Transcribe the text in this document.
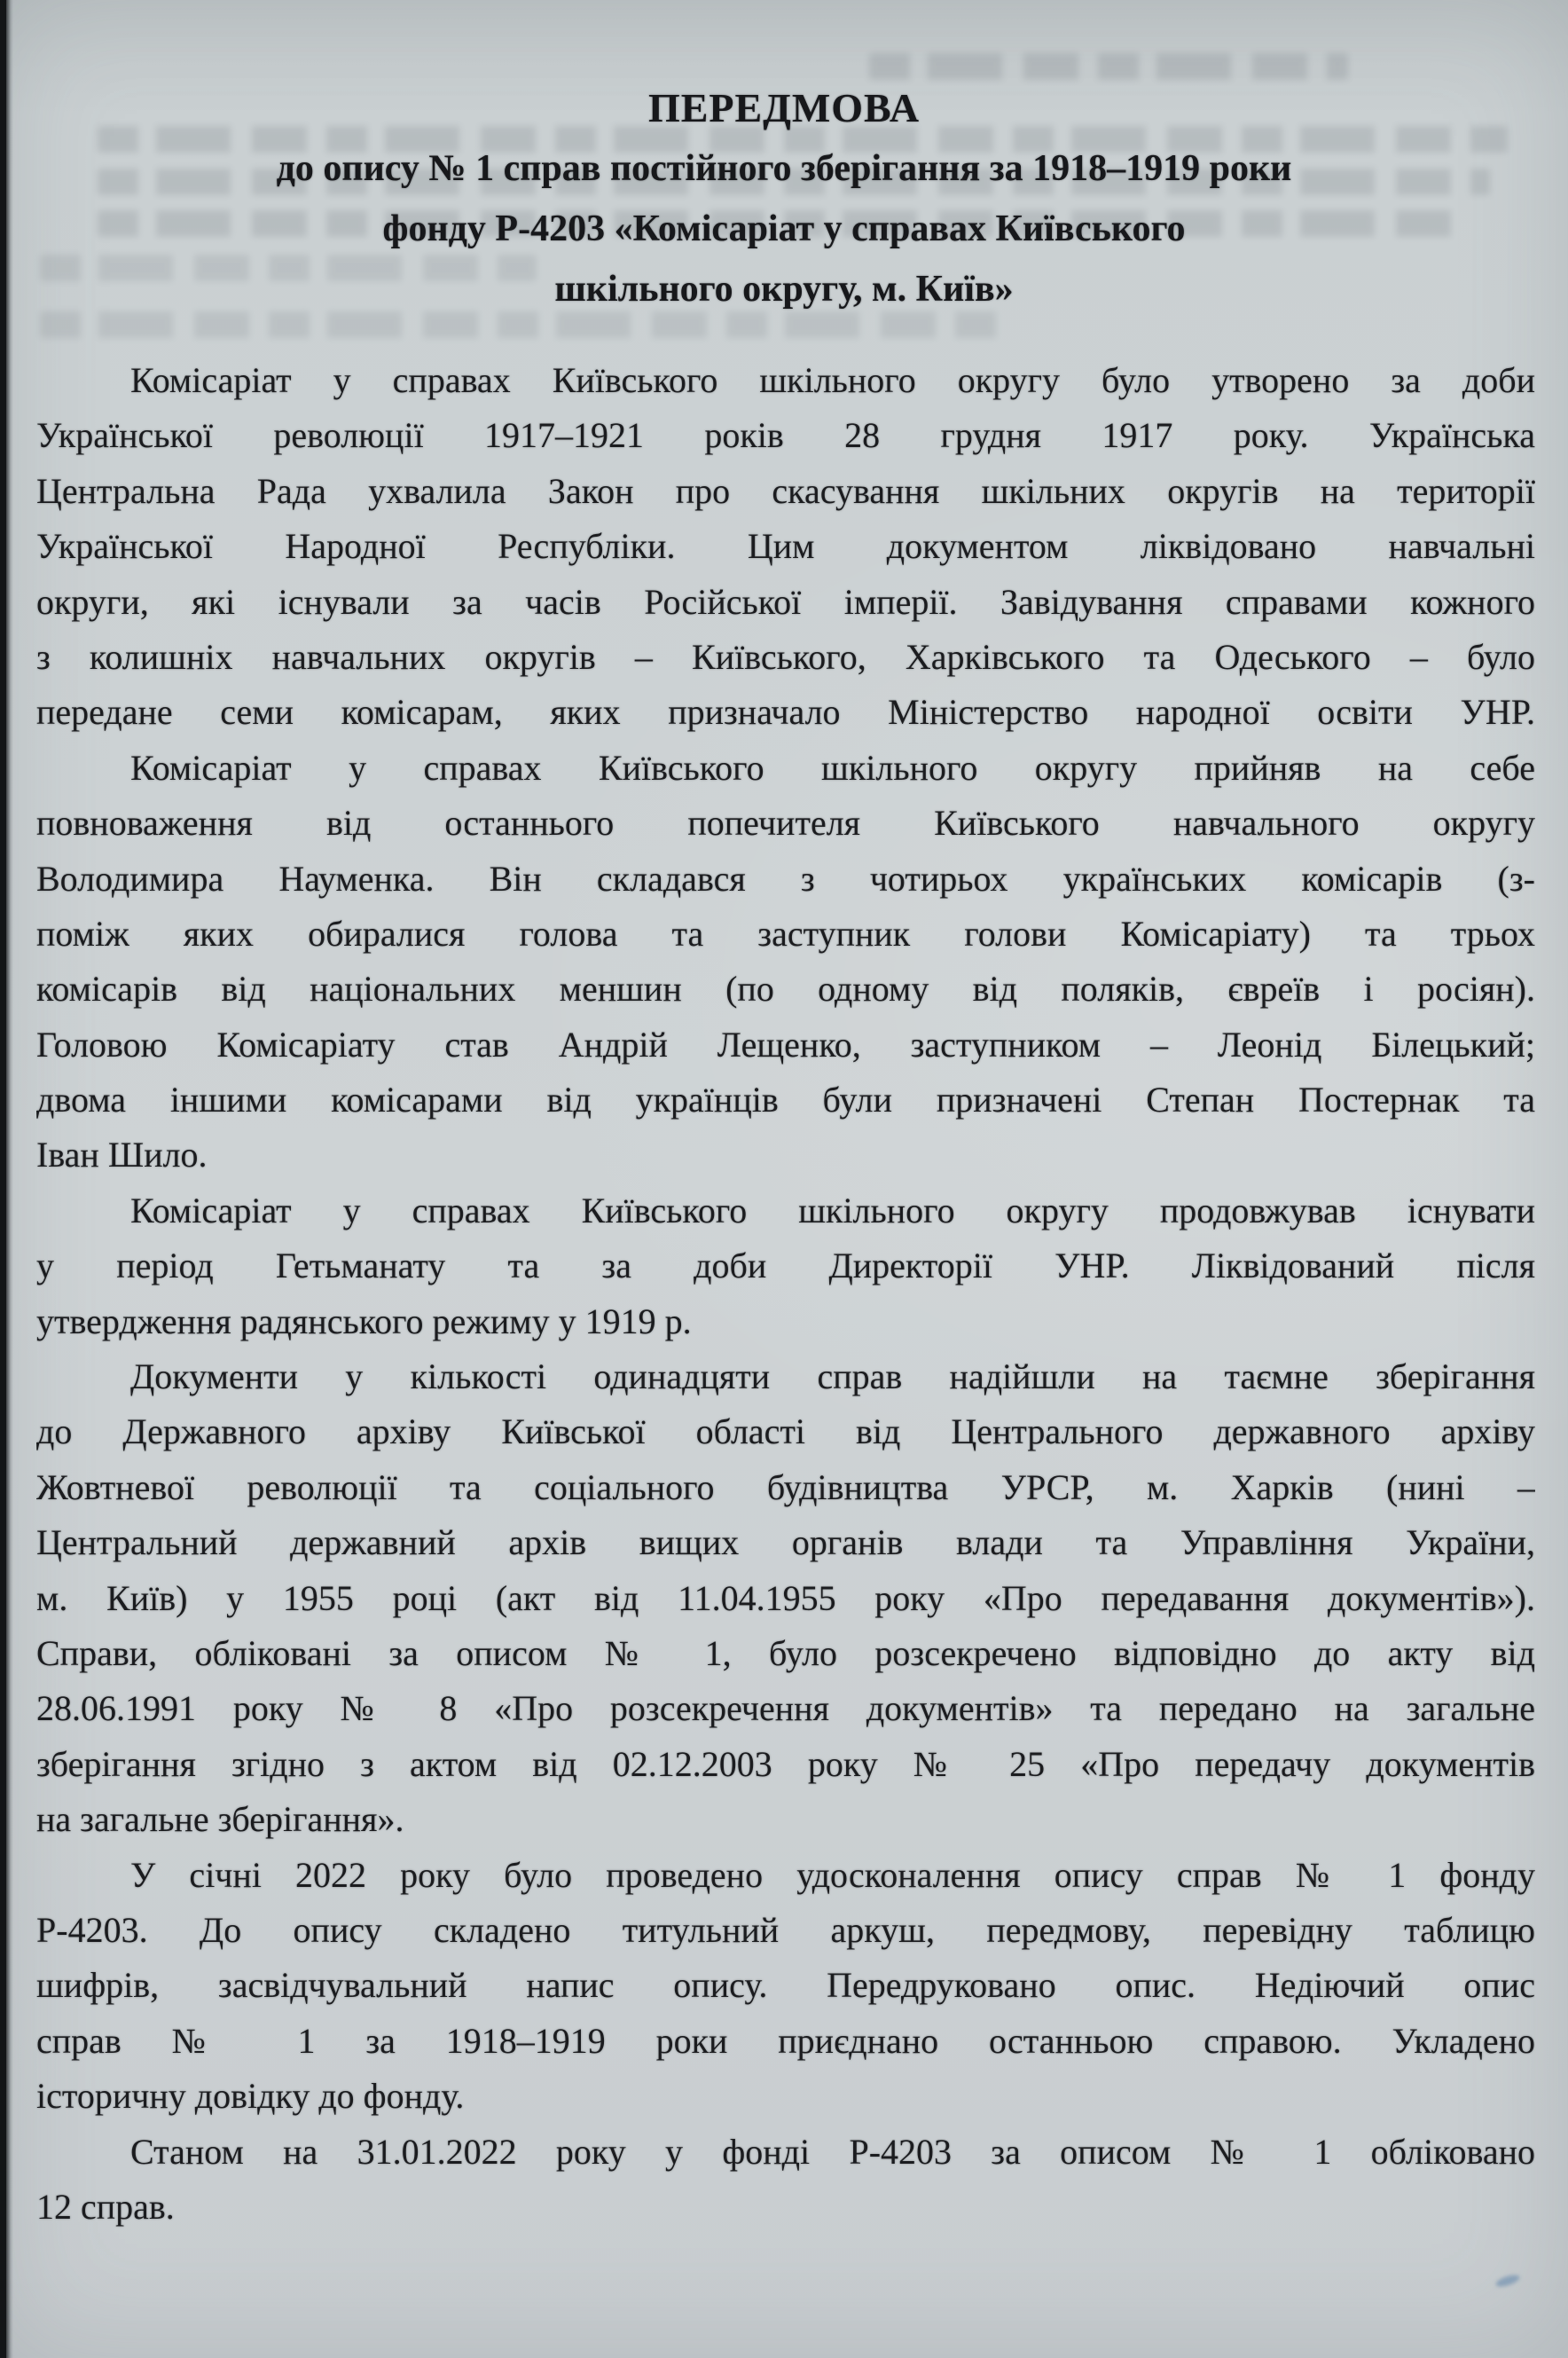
ПЕРЕДМОВА
до опису № 1 справ постійного зберігання за 1918–1919 роки
фонду Р-4203 «Комісаріат у справах Київського
шкільного округу, м. Київ»
Комісаріат у справах Київського шкільного округу було утворено за доби
Української революції 1917–1921 років 28 грудня 1917 року. Українська
Центральна Рада ухвалила Закон про скасування шкільних округів на території
Української Народної Республіки. Цим документом ліквідовано навчальні
округи, які існували за часів Російської імперії. Завідування справами кожного
з колишніх навчальних округів – Київського, Харківського та Одеського – було
передане семи комісарам, яких призначало Міністерство народної освіти УНР.
Комісаріат у справах Київського шкільного округу прийняв на себе
повноваження від останнього попечителя Київського навчального округу
Володимира Науменка. Він складався з чотирьох українських комісарів (з-
поміж яких обиралися голова та заступник голови Комісаріату) та трьох
комісарів від національних меншин (по одному від поляків, євреїв і росіян).
Головою Комісаріату став Андрій Лещенко, заступником – Леонід Білецький;
двома іншими комісарами від українців були призначені Степан Постернак та
Іван Шило.
Комісаріат у справах Київського шкільного округу продовжував існувати
у період Гетьманату та за доби Директорії УНР. Ліквідований після
утвердження радянського режиму у 1919 р.
Документи у кількості одинадцяти справ надійшли на таємне зберігання
до Державного архіву Київської області від Центрального державного архіву
Жовтневої революції та соціального будівництва УРСР, м. Харків (нині –
Центральний державний архів вищих органів влади та Управління України,
м. Київ) у 1955 році (акт від 11.04.1955 року «Про передавання документів»).
Справи, обліковані за описом № 1, було розсекречено відповідно до акту від
28.06.1991 року № 8 «Про розсекречення документів» та передано на загальне
зберігання згідно з актом від 02.12.2003 року № 25 «Про передачу документів
на загальне зберігання».
У січні 2022 року було проведено удосконалення опису справ № 1 фонду
Р-4203. До опису складено титульний аркуш, передмову, перевідну таблицю
шифрів, засвідчувальний напис опису. Передруковано опис. Недіючий опис
справ № 1 за 1918–1919 роки приєднано останньою справою. Укладено
історичну довідку до фонду.
Станом на 31.01.2022 року у фонді Р-4203 за описом № 1 обліковано
12 справ.
